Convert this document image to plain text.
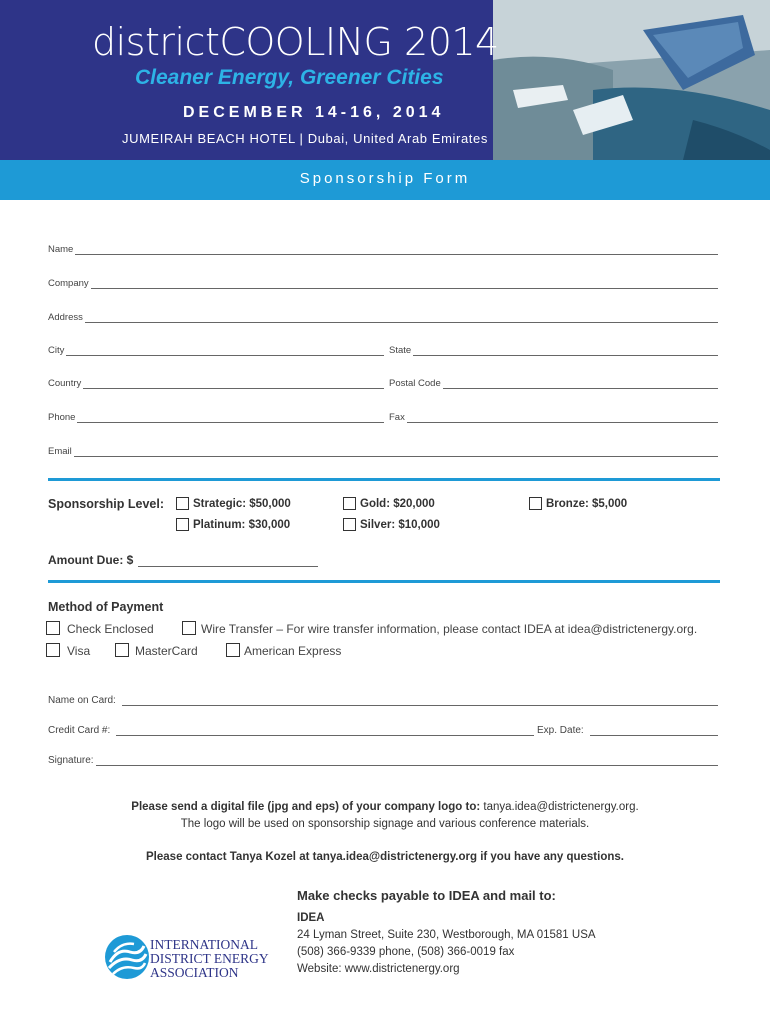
districtCOOLING 2014
Cleaner Energy, Greener Cities
DECEMBER 14-16, 2014
JUMEIRAH BEACH HOTEL | Dubai, United Arab Emirates
Sponsorship Form
Name
Company
Address
City	State
Country	Postal Code
Phone	Fax
Email
Sponsorship Level:	Strategic: $50,000	Gold: $20,000	Bronze: $5,000
Platinum: $30,000	Silver: $10,000
Amount Due: $
Method of Payment
Check Enclosed	Wire Transfer – For wire transfer information, please contact IDEA at idea@districtenergy.org.
Visa	MasterCard	American Express
Name on Card:
Credit Card #:	Exp. Date:
Signature:
Please send a digital file (jpg and eps) of your company logo to: tanya.idea@districtenergy.org.
The logo will be used on sponsorship signage and various conference materials.
Please contact Tanya Kozel at tanya.idea@districtenergy.org if you have any questions.
Make checks payable to IDEA and mail to:
IDEA
24 Lyman Street, Suite 230, Westborough, MA 01581 USA
(508) 366-9339 phone, (508) 366-0019 fax
Website: www.districtenergy.org
INTERNATIONAL
DISTRICT ENERGY
ASSOCIATION
